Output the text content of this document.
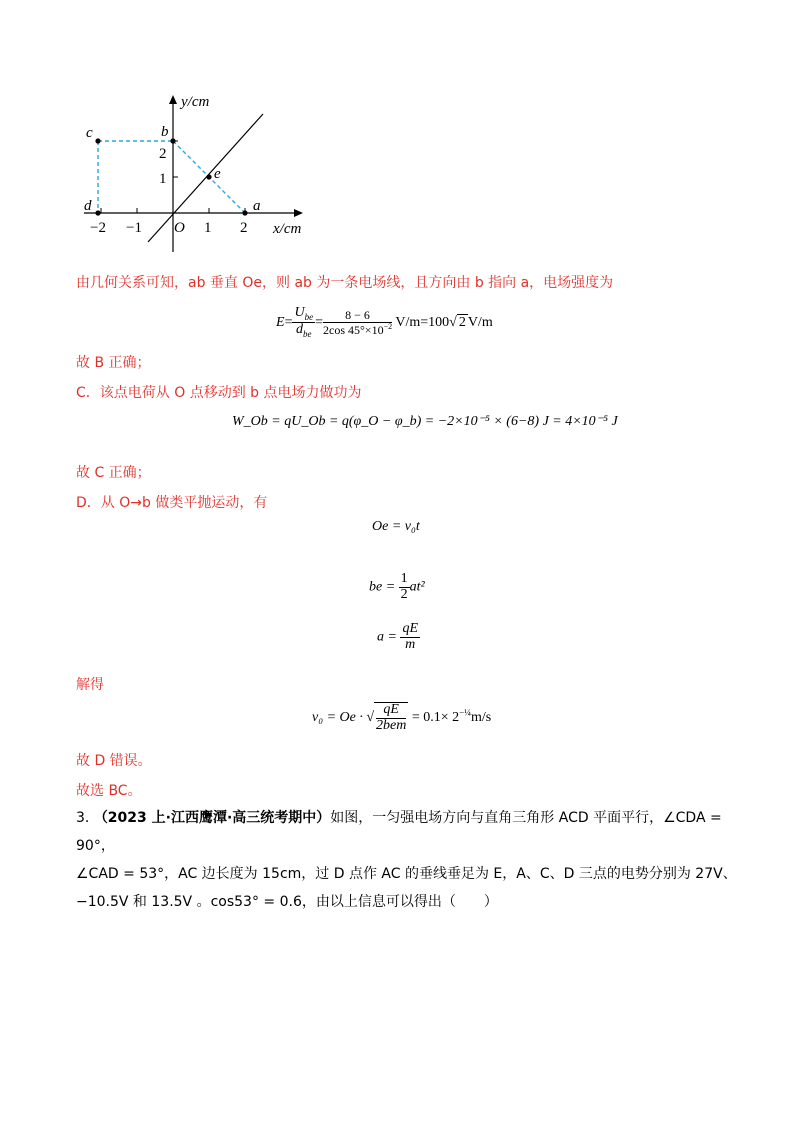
y/cm
x/cm
O
−2 −1	1 2
1
2
c	b
e
a
d
由几何关系可知，ab 垂直 Oe，则 ab 为一条电场线，且方向由 b 指向 a，电场强度为
$E= \frac{U_{be}}{d_{be}} = \frac{8 - 6}{2\cos 45^\circ\times 10^{-2}} V/m=100√$ 2 V/m
故 B 正确；
C．该点电荷从 O 点移动到 b 点电场力做功为
W_Ob = qU_Ob = q(φ_O − φ_b) = −2×10⁻⁵ × (6−8) J = 4×10⁻⁵ J
故 C 正确；
D．从 O→b 做类平抛运动，有
Oe = v₀t
be = $\frac{1}{2} at^2$
$a = \frac{qE}{m}$
解得
v₀ = Oe · √ $\frac{qE}{\text{2bem}} = 0.1\times 2^{-\frac{1}{4}}m/s$
故 D 错误。
故选 BC。
3. （2023 上·江西鹰潭·高三统考期中）如图，一匀强电场方向与直角三角形 ACD 平面平行，∠CDA = 90°，
∠CAD = 53°，AC 边长度为 15cm，过 D 点作 AC 的垂线垂足为 E，A、C、D 三点的电势分别为 27V、
−10.5V 和 13.5V 。cos53° = 0.6，由以上信息可以得出（　　）
